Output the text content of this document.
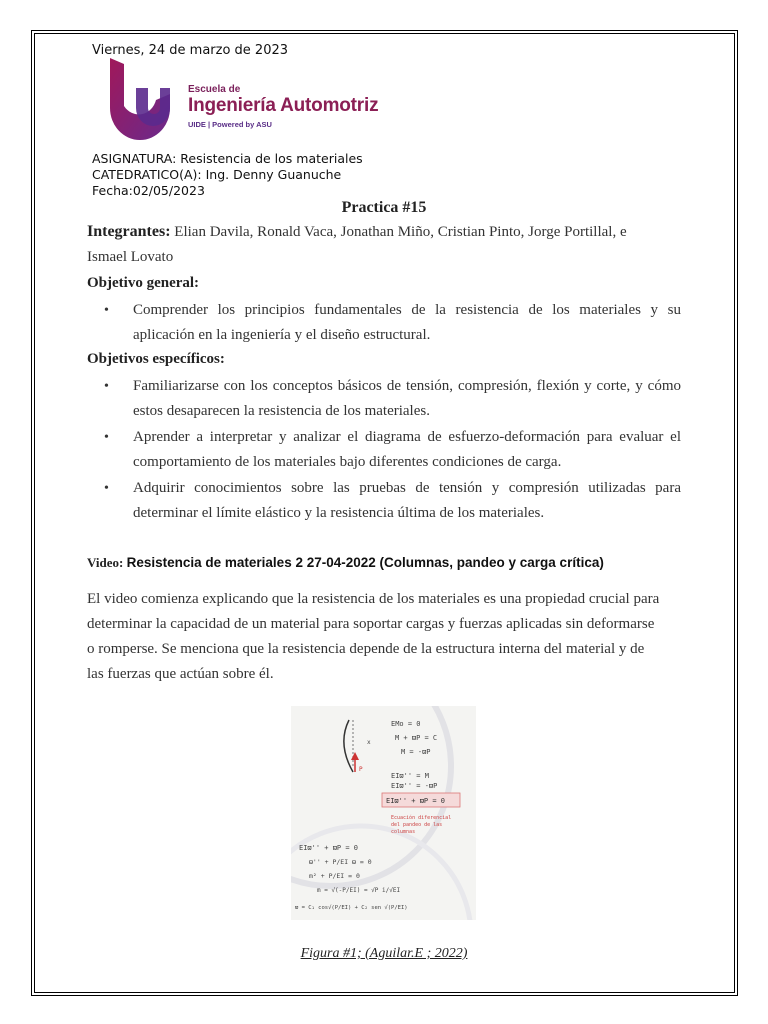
Viernes, 24 de marzo de 2023
Escuela de
Ingeniería Automotriz
UIDE | Powered by ASU
ASIGNATURA: Resistencia de los materiales
CATEDRATICO(A): Ing. Denny Guanuche
Fecha:02/05/2023
Practica #15
Integrantes: Elian Davila, Ronald Vaca, Jonathan Miño, Cristian Pinto, Jorge Portillal, e
Ismael Lovato
Objetivo general:
• Comprender los principios fundamentales de la resistencia de los materiales y su aplicación en la ingeniería y el diseño estructural.
Objetivos específicos:
• Familiarizarse con los conceptos básicos de tensión, compresión, flexión y corte, y cómo estos desaparecen la resistencia de los materiales.
• Aprender a interpretar y analizar el diagrama de esfuerzo-deformación para evaluar el comportamiento de los materiales bajo diferentes condiciones de carga.
• Adquirir conocimientos sobre las pruebas de tensión y compresión utilizadas para determinar el límite elástico y la resistencia última de los materiales.
Video: Resistencia de materiales 2 27-04-2022 (Columnas, pandeo y carga crítica)
El video comienza explicando que la resistencia de los materiales es una propiedad crucial para
determinar la capacidad de un material para soportar cargas y fuerzas aplicadas sin deformarse
o romperse. Se menciona que la resistencia depende de la estructura interna del material y de
las fuerzas que actúan sobre él.
P
x
EMo = 0
M + ϖP = C
M = -ϖP
EIϖ'' = M
EIϖ'' = -ϖP
EIϖ'' + ϖP = 0
Ecuación diferencial
del pandeo de las
columnas
EIϖ'' + ϖP = 0
ϖ'' + P/EI ϖ = 0
m² + P/EI = 0
m = √(-P/EI) = √P i/√EI
ϖ = C₁ cos√(P/EI) + C₂ sen √(P/EI)
Figura #1; (Aguilar.E ; 2022)
